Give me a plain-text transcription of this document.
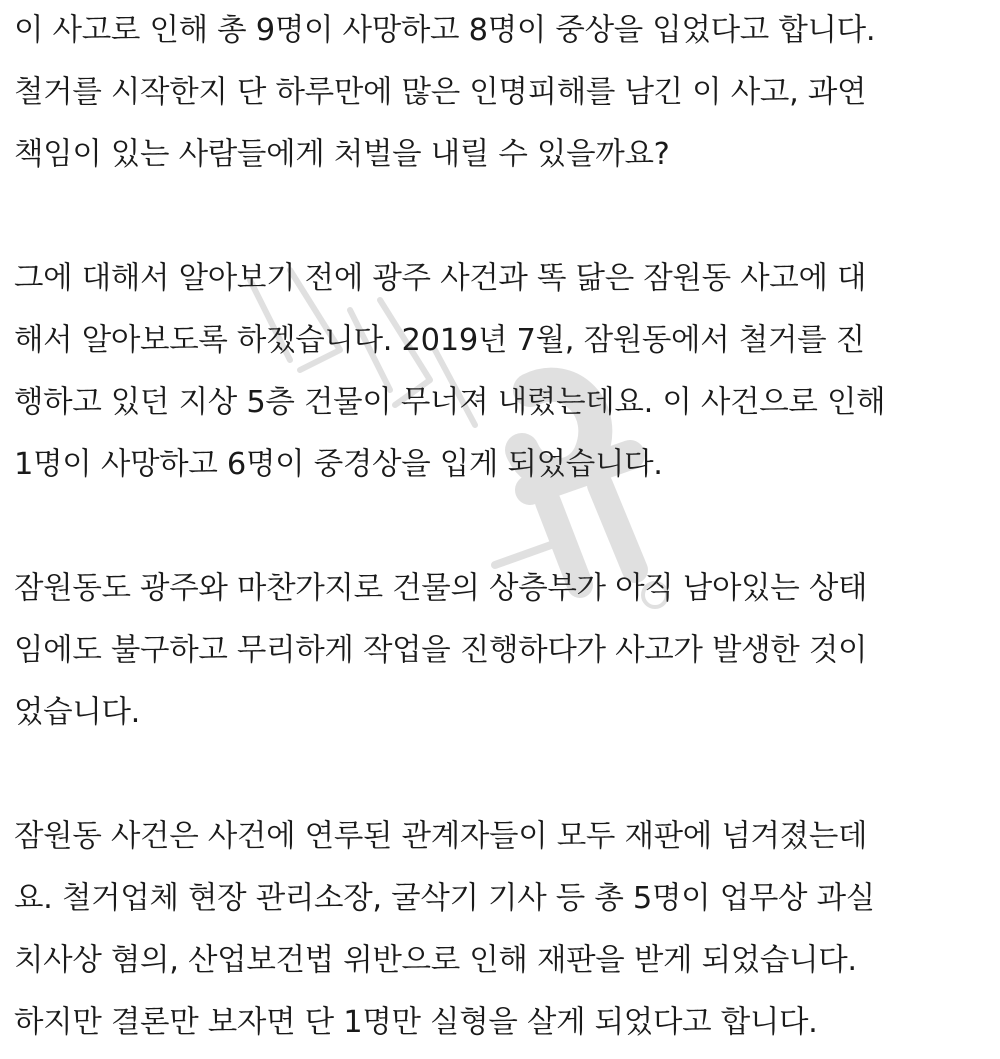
이 사고로 인해 총 9명이 사망하고 8명이 중상을 입었다고 합니다.
철거를 시작한지 단 하루만에 많은 인명피해를 남긴 이 사고, 과연
책임이 있는 사람들에게 처벌을 내릴 수 있을까요?
그에 대해서 알아보기 전에 광주 사건과 똑 닮은 잠원동 사고에 대
해서 알아보도록 하겠습니다. 2019년 7월, 잠원동에서 철거를 진
행하고 있던 지상 5층 건물이 무너져 내렸는데요. 이 사건으로 인해
1명이 사망하고 6명이 중경상을 입게 되었습니다.
잠원동도 광주와 마찬가지로 건물의 상층부가 아직 남아있는 상태
임에도 불구하고 무리하게 작업을 진행하다가 사고가 발생한 것이
었습니다.
잠원동 사건은 사건에 연루된 관계자들이 모두 재판에 넘겨졌는데
요. 철거업체 현장 관리소장, 굴삭기 기사 등 총 5명이 업무상 과실
치사상 혐의, 산업보건법 위반으로 인해 재판을 받게 되었습니다.
하지만 결론만 보자면 단 1명만 실형을 살게 되었다고 합니다.
